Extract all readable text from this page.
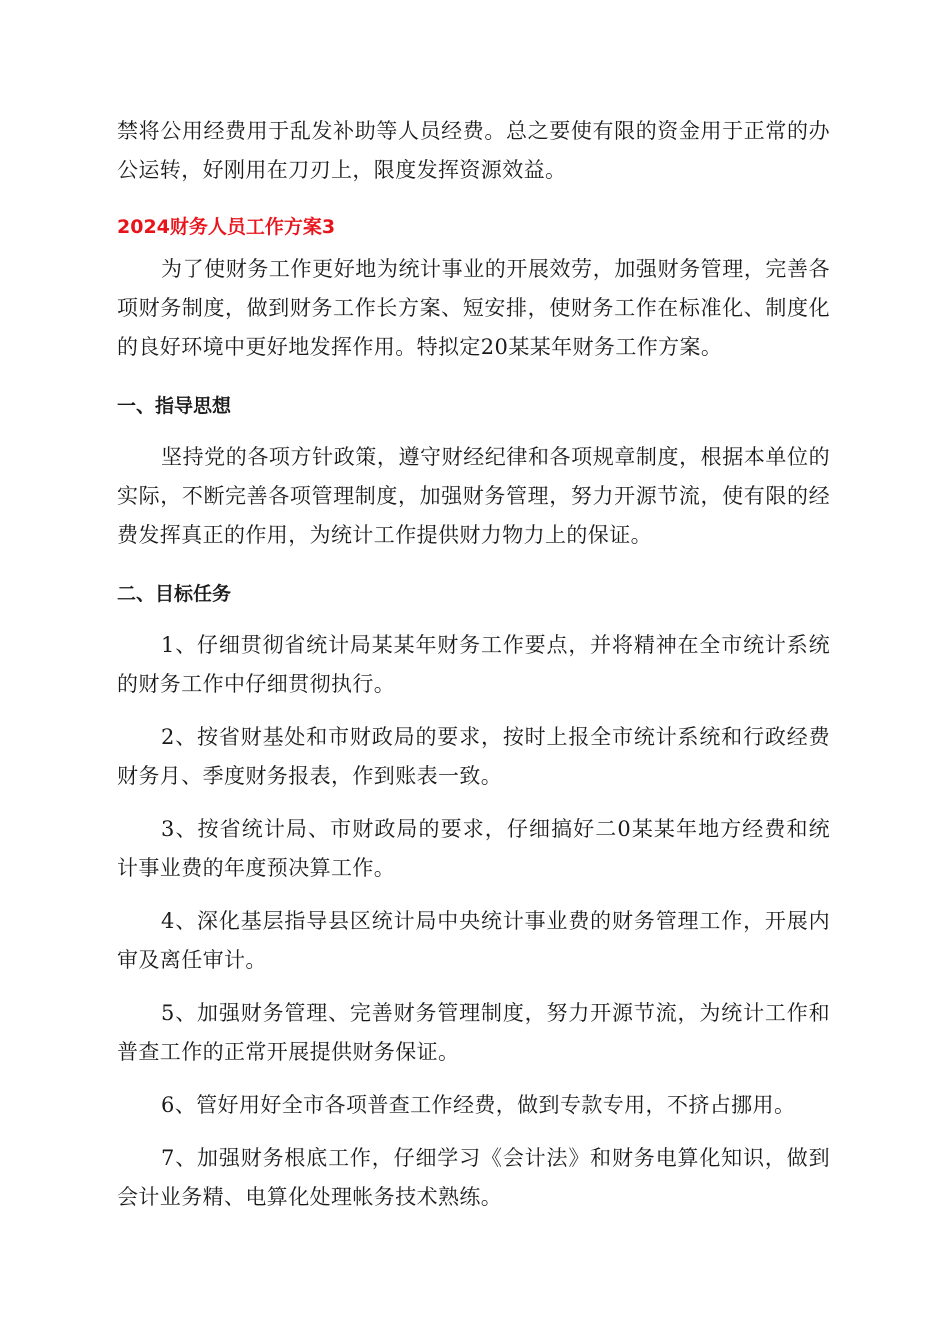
禁将公用经费用于乱发补助等人员经费。总之要使有限的资金用于正常的办公运转，好刚用在刀刃上，限度发挥资源效益。

2024财务人员工作方案3

为了使财务工作更好地为统计事业的开展效劳，加强财务管理，完善各项财务制度，做到财务工作长方案、短安排，使财务工作在标准化、制度化的良好环境中更好地发挥作用。特拟定20某某年财务工作方案。

一、指导思想

坚持党的各项方针政策，遵守财经纪律和各项规章制度，根据本单位的实际，不断完善各项管理制度，加强财务管理，努力开源节流，使有限的经费发挥真正的作用，为统计工作提供财力物力上的保证。

二、目标任务

1、仔细贯彻省统计局某某年财务工作要点，并将精神在全市统计系统的财务工作中仔细贯彻执行。

2、按省财基处和市财政局的要求，按时上报全市统计系统和行政经费财务月、季度财务报表，作到账表一致。

3、按省统计局、市财政局的要求，仔细搞好二0某某年地方经费和统计事业费的年度预决算工作。

4、深化基层指导县区统计局中央统计事业费的财务管理工作，开展内审及离任审计。

5、加强财务管理、完善财务管理制度，努力开源节流，为统计工作和普查工作的正常开展提供财务保证。

6、管好用好全市各项普查工作经费，做到专款专用，不挤占挪用。

7、加强财务根底工作，仔细学习《会计法》和财务电算化知识，做到会计业务精、电算化处理帐务技术熟练。
